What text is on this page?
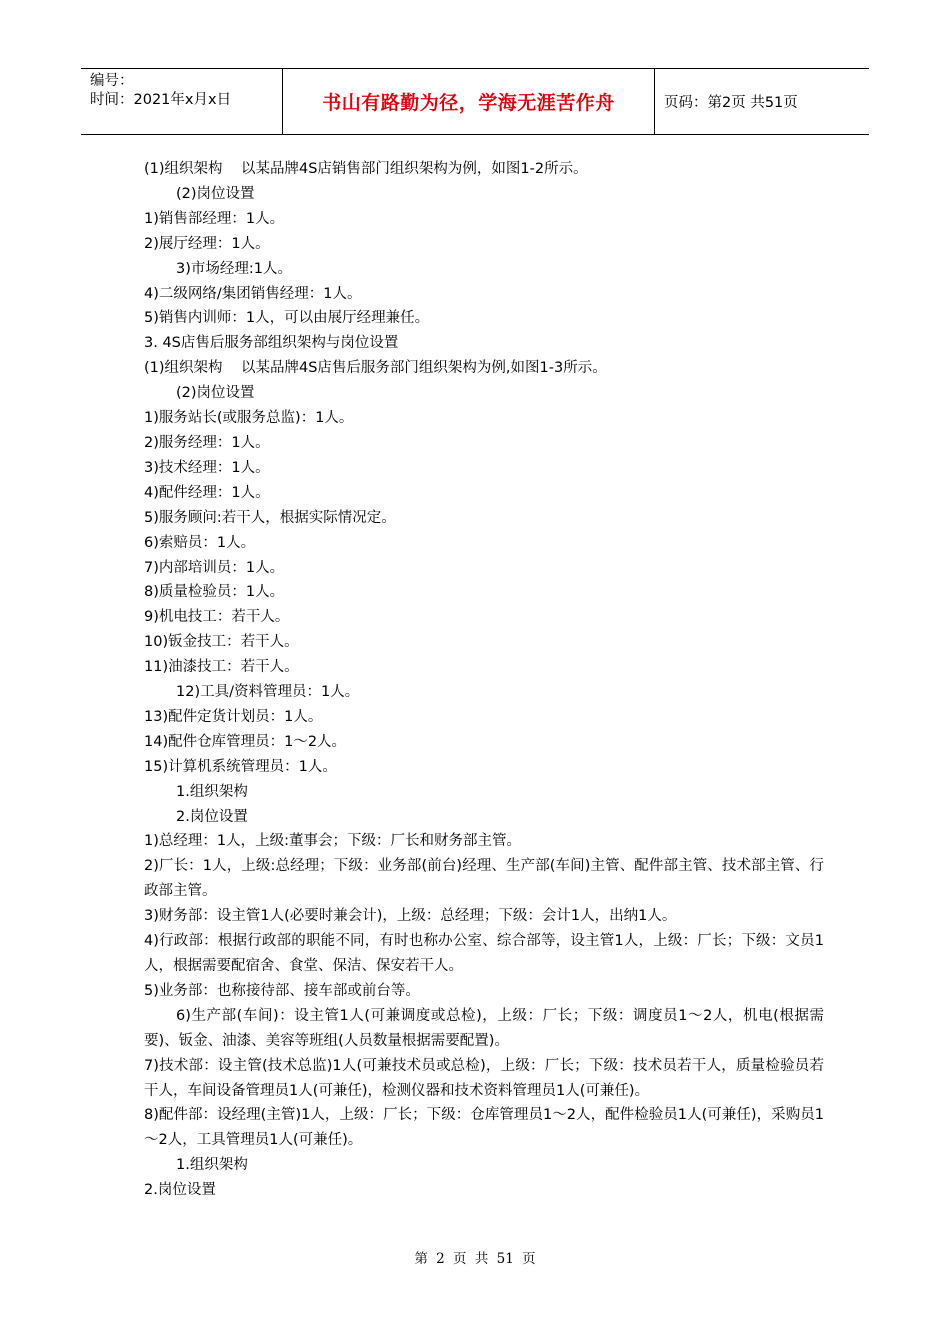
编号：
时间：2021年x月x日	书山有路勤为径，学海无涯苦作舟	页码：第2页 共51页

(1)组织架构    以某品牌4S店销售部门组织架构为例，如图1-2所示。

(2)岗位设置

1)销售部经理：1人。

2)展厅经理：1人。

3)市场经理:1人。

4)二级网络/集团销售经理：1人。

5)销售内训师：1人，可以由展厅经理兼任。

3. 4S店售后服务部组织架构与岗位设置

(1)组织架构    以某品牌4S店售后服务部门组织架构为例,如图1-3所示。

(2)岗位设置

1)服务站长(或服务总监)：1人。

2)服务经理：1人。

3)技术经理：1人。

4)配件经理：1人。

5)服务顾问:若干人，根据实际情况定。

6)索赔员：1人。

7)内部培训员：1人。

8)质量检验员：1人。

9)机电技工：若干人。

10)钣金技工：若干人。

11)油漆技工：若干人。

12)工具/资料管理员：1人。

13)配件定货计划员：1人。

14)配件仓库管理员：1～2人。

15)计算机系统管理员：1人。

1.组织架构

2.岗位设置

1)总经理：1人，上级:董事会；下级：厂长和财务部主管。

2)厂长：1人，上级:总经理；下级：业务部(前台)经理、生产部(车间)主管、配件部主管、技术部主管、行政部主管。

3)财务部：设主管1人(必要时兼会计)，上级：总经理；下级：会计1人，出纳1人。

4)行政部：根据行政部的职能不同，有时也称办公室、综合部等，设主管1人，上级：厂长；下级：文员1人，根据需要配宿舍、食堂、保洁、保安若干人。

5)业务部：也称接待部、接车部或前台等。

6)生产部(车间)：设主管1人(可兼调度或总检)，上级：厂长；下级：调度员1～2人，机电(根据需要)、钣金、油漆、美容等班组(人员数量根据需要配置)。

7)技术部：设主管(技术总监)1人(可兼技术员或总检)，上级：厂长；下级：技术员若干人，质量检验员若干人，车间设备管理员1人(可兼任)，检测仪器和技术资料管理员1人(可兼任)。

8)配件部：设经理(主管)1人，上级：厂长；下级：仓库管理员1～2人，配件检验员1人(可兼任)，采购员1～2人，工具管理员1人(可兼任)。

1.组织架构

2.岗位设置

第 2 页 共 51 页
